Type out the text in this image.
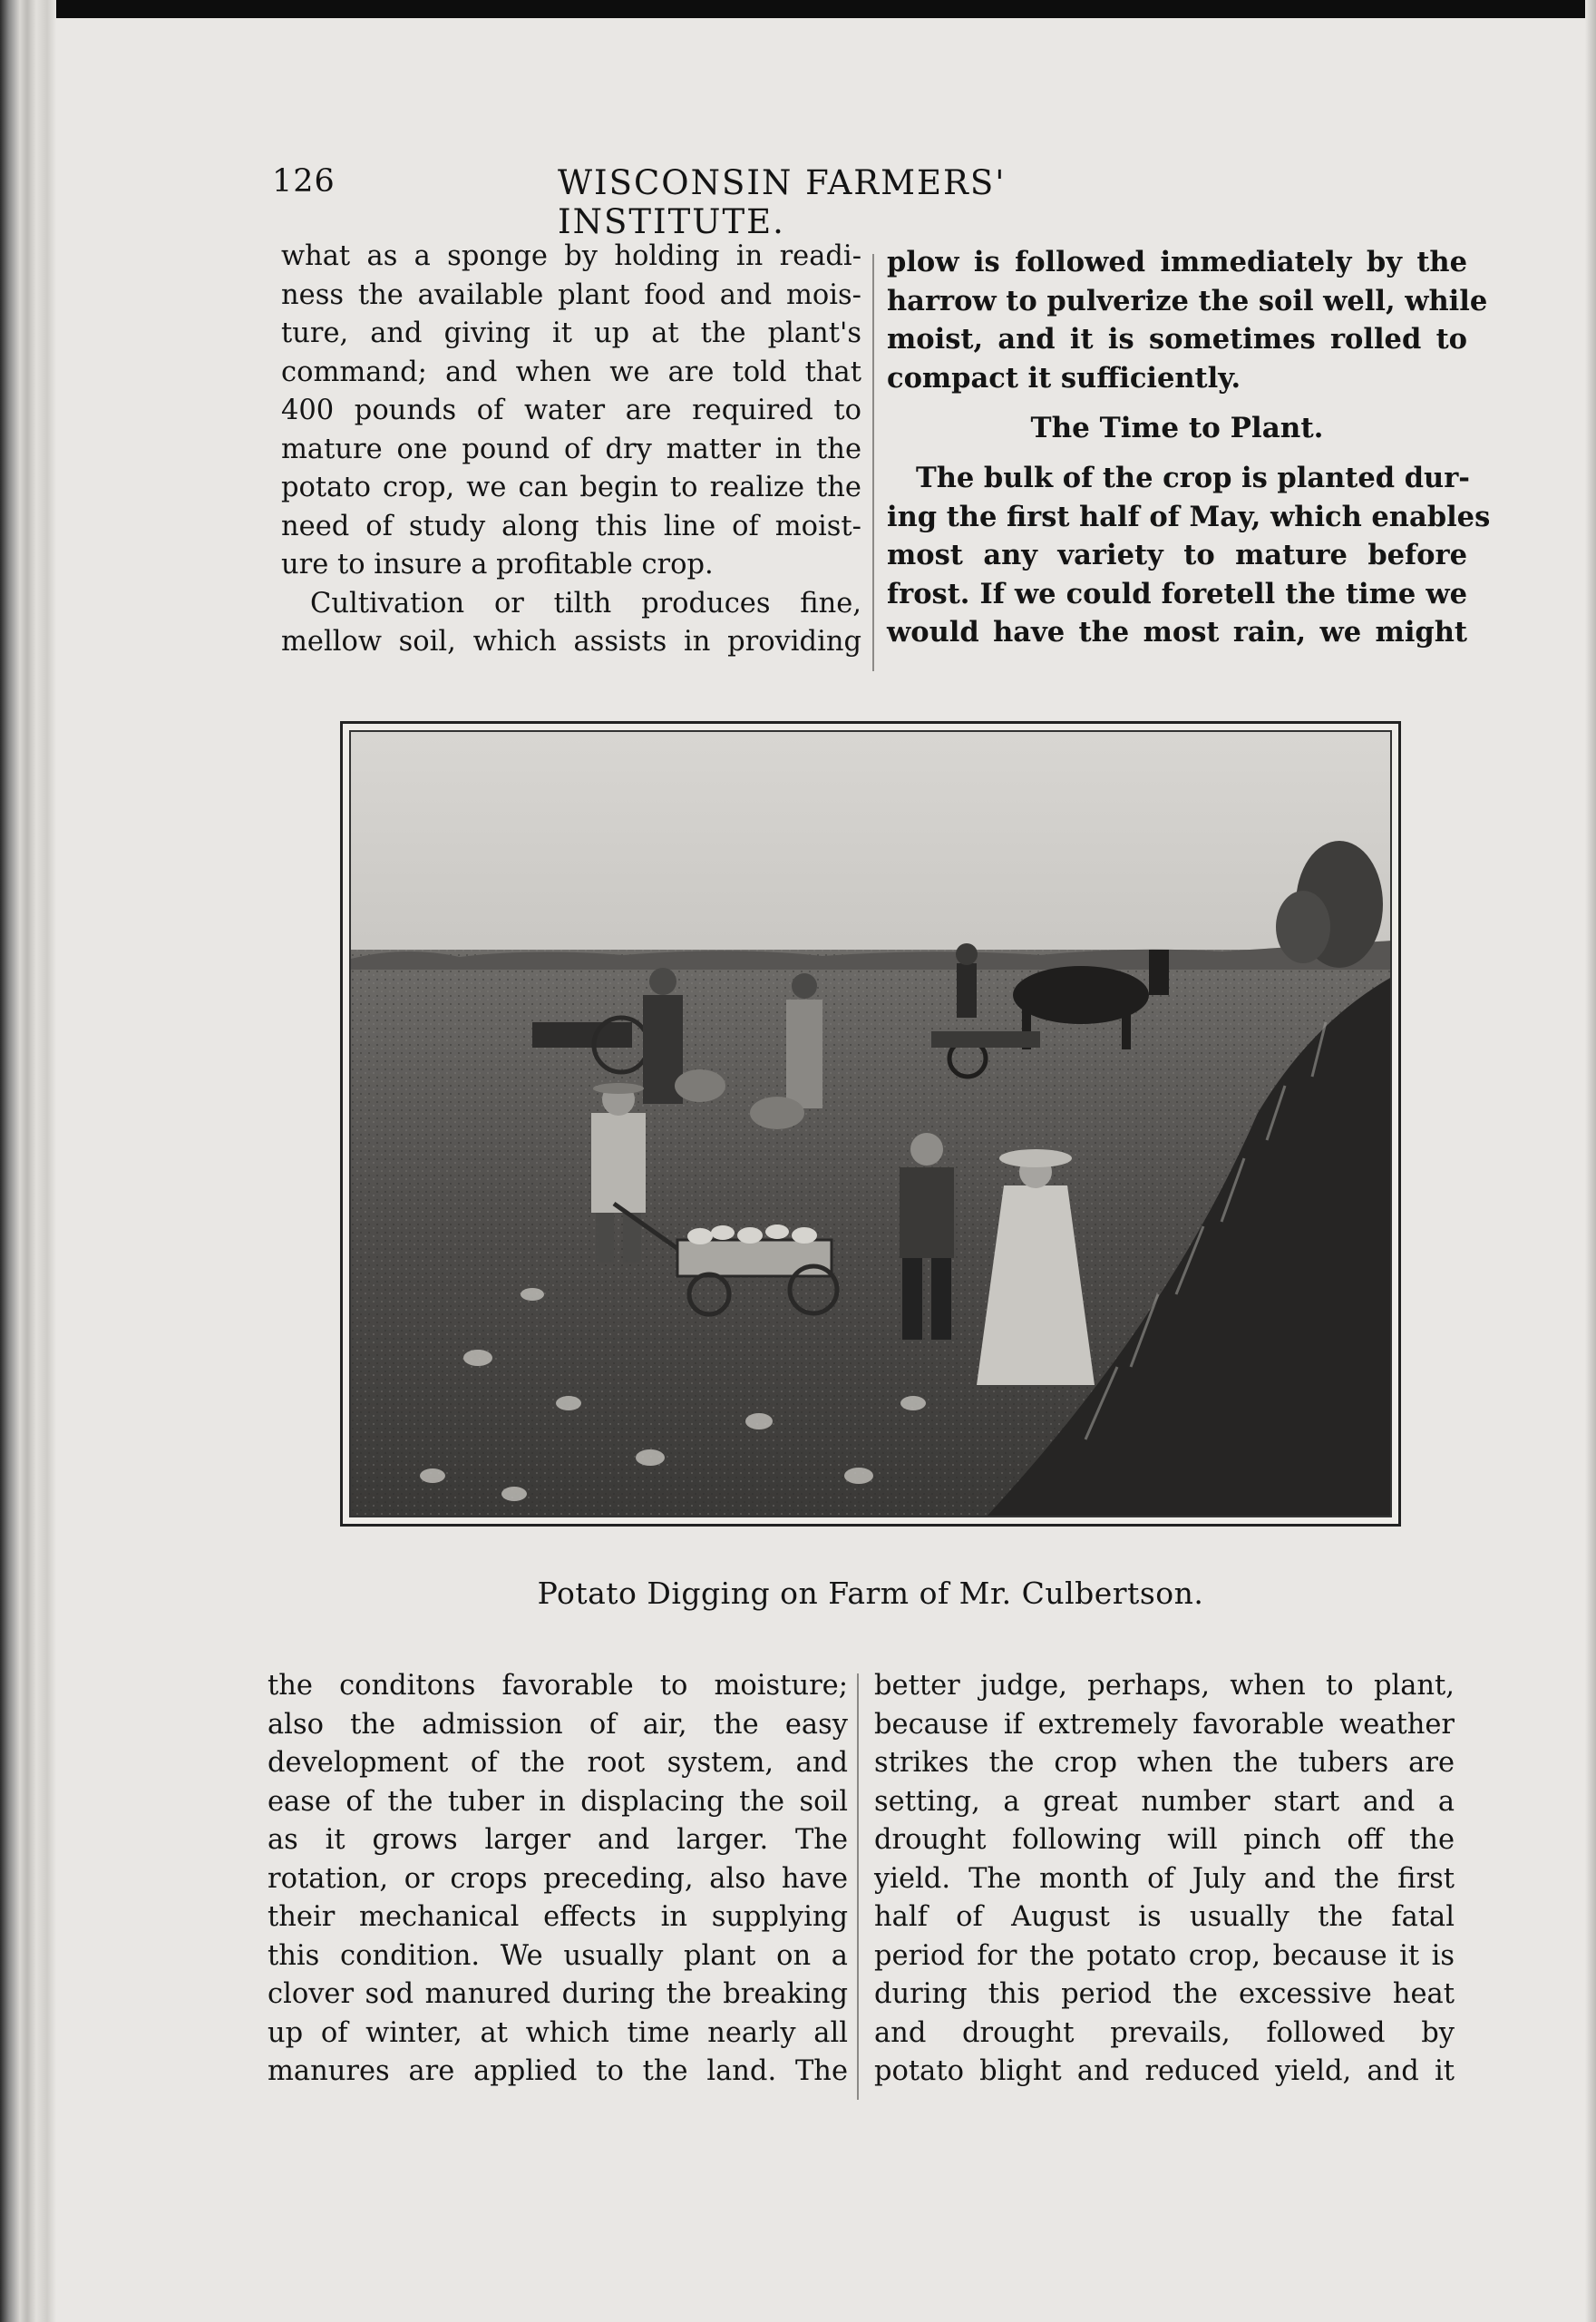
126	WISCONSIN FARMERS' INSTITUTE.
what as a sponge by holding in readi-
ness the available plant food and mois-
ture, and giving it up at the plant's
command; and when we are told that
400 pounds of water are required to
mature one pound of dry matter in the
potato crop, we can begin to realize the
need of study along this line of moist-
ure to insure a profitable crop.
Cultivation or tilth produces fine,
mellow soil, which assists in providing
plow is followed immediately by the
harrow to pulverize the soil well, while
moist, and it is sometimes rolled to
compact it sufficiently.
The Time to Plant.
The bulk of the crop is planted dur-
ing the first half of May, which enables
most any variety to mature before
frost. If we could foretell the time we
would have the most rain, we might
Potato Digging on Farm of Mr. Culbertson.
the conditons favorable to moisture;
also the admission of air, the easy
development of the root system, and
ease of the tuber in displacing the soil
as it grows larger and larger. The
rotation, or crops preceding, also have
their mechanical effects in supplying
this condition. We usually plant on a
clover sod manured during the breaking
up of winter, at which time nearly all
manures are applied to the land. The
better judge, perhaps, when to plant,
because if extremely favorable weather
strikes the crop when the tubers are
setting, a great number start and a
drought following will pinch off the
yield. The month of July and the first
half of August is usually the fatal
period for the potato crop, because it is
during this period the excessive heat
and drought prevails, followed by
potato blight and reduced yield, and it
